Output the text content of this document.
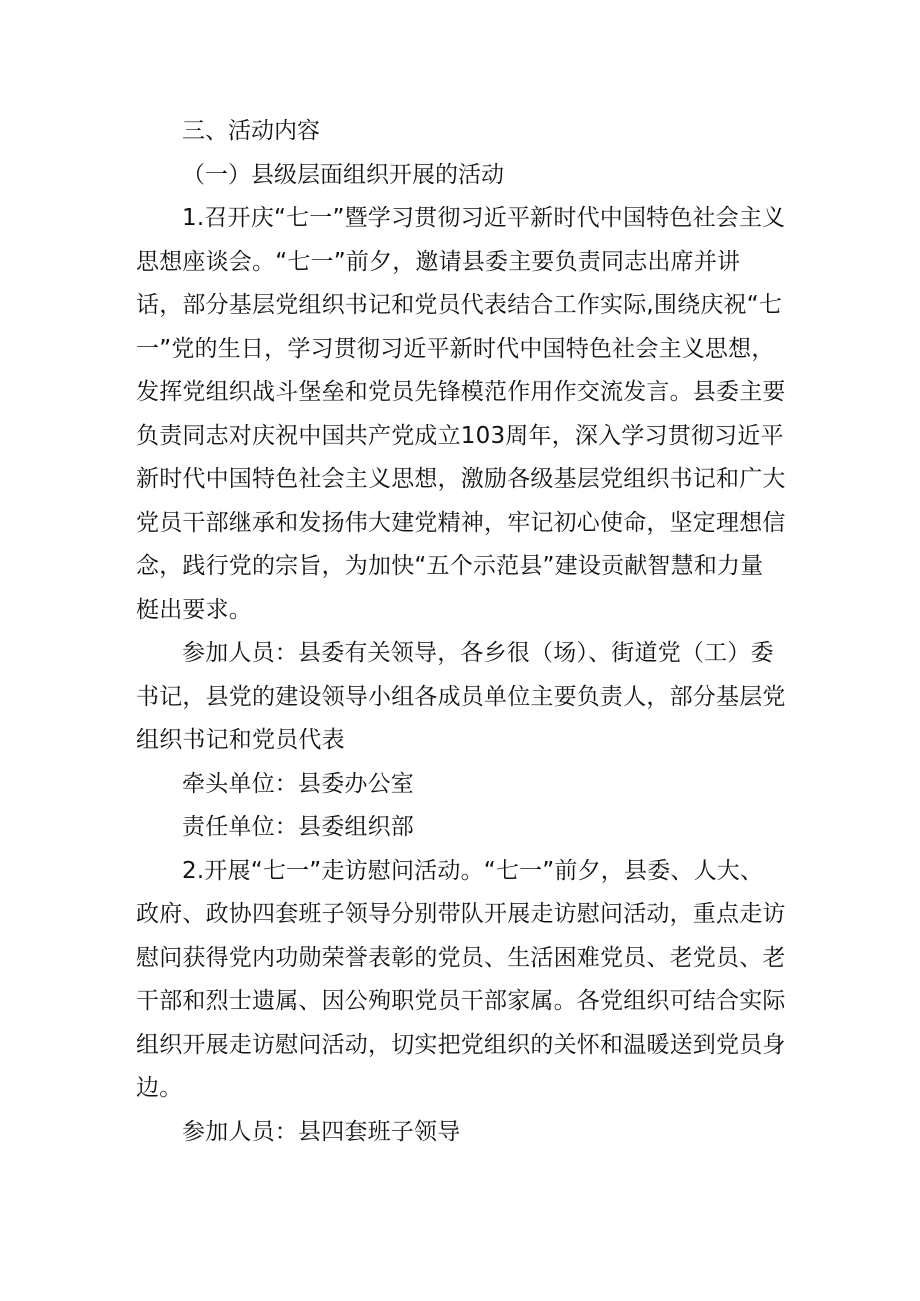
三、活动内容

（一）县级层面组织开展的活动

1.召开庆“七一”暨学习贯彻习近平新时代中国特色社会主义思想座谈会。“七一”前夕，邀请县委主要负责同志出席并讲话，部分基层党组织书记和党员代表结合工作实际,围绕庆祝“七一”党的生日，学习贯彻习近平新时代中国特色社会主义思想，发挥党组织战斗堡垒和党员先锋模范作用作交流发言。县委主要负责同志对庆祝中国共产党成立103周年，深入学习贯彻习近平新时代中国特色社会主义思想，激励各级基层党组织书记和广大党员干部继承和发扬伟大建党精神，牢记初心使命，坚定理想信念，践行党的宗旨，为加快“五个示范县”建设贡献智慧和力量梃出要求。

参加人员：县委有关领导，各乡很（场）、街道党（工）委书记，县党的建设领导小组各成员单位主要负责人，部分基层党组织书记和党员代表

牵头单位：县委办公室

责任单位：县委组织部

2.开展“七一”走访慰问活动。“七一”前夕，县委、人大、政府、政协四套班子领导分别带队开展走访慰问活动，重点走访慰问获得党内功勋荣誉表彰的党员、生活困难党员、老党员、老干部和烈士遗属、因公殉职党员干部家属。各党组织可结合实际组织开展走访慰问活动，切实把党组织的关怀和温暖送到党员身边。

参加人员：县四套班子领导
